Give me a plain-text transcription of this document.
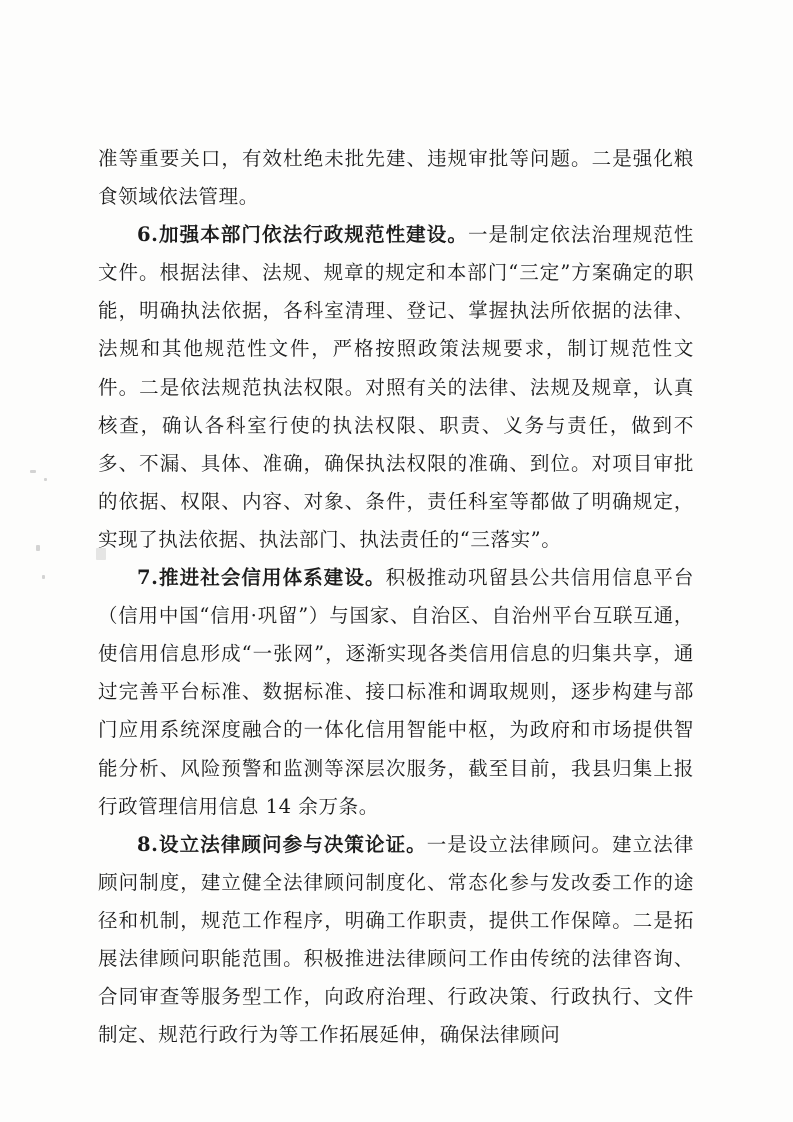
准等重要关口，有效杜绝未批先建、违规审批等问题。二是强化粮食领域依法管理。

6.加强本部门依法行政规范性建设。一是制定依法治理规范性文件。根据法律、法规、规章的规定和本部门“三定”方案确定的职能，明确执法依据，各科室清理、登记、掌握执法所依据的法律、法规和其他规范性文件，严格按照政策法规要求，制订规范性文件。二是依法规范执法权限。对照有关的法律、法规及规章，认真核查，确认各科室行使的执法权限、职责、义务与责任，做到不多、不漏、具体、准确，确保执法权限的准确、到位。对项目审批的依据、权限、内容、对象、条件，责任科室等都做了明确规定，实现了执法依据、执法部门、执法责任的“三落实”。

7.推进社会信用体系建设。积极推动巩留县公共信用信息平台（信用中国“信用·巩留”）与国家、自治区、自治州平台互联互通，使信用信息形成“一张网”，逐渐实现各类信用信息的归集共享，通过完善平台标准、数据标准、接口标准和调取规则，逐步构建与部门应用系统深度融合的一体化信用智能中枢，为政府和市场提供智能分析、风险预警和监测等深层次服务，截至目前，我县归集上报行政管理信用信息 14 余万条。

8.设立法律顾问参与决策论证。一是设立法律顾问。建立法律顾问制度，建立健全法律顾问制度化、常态化参与发改委工作的途径和机制，规范工作程序，明确工作职责，提供工作保障。二是拓展法律顾问职能范围。积极推进法律顾问工作由传统的法律咨询、合同审查等服务型工作，向政府治理、行政决策、行政执行、文件制定、规范行政行为等工作拓展延伸，确保法律顾问
